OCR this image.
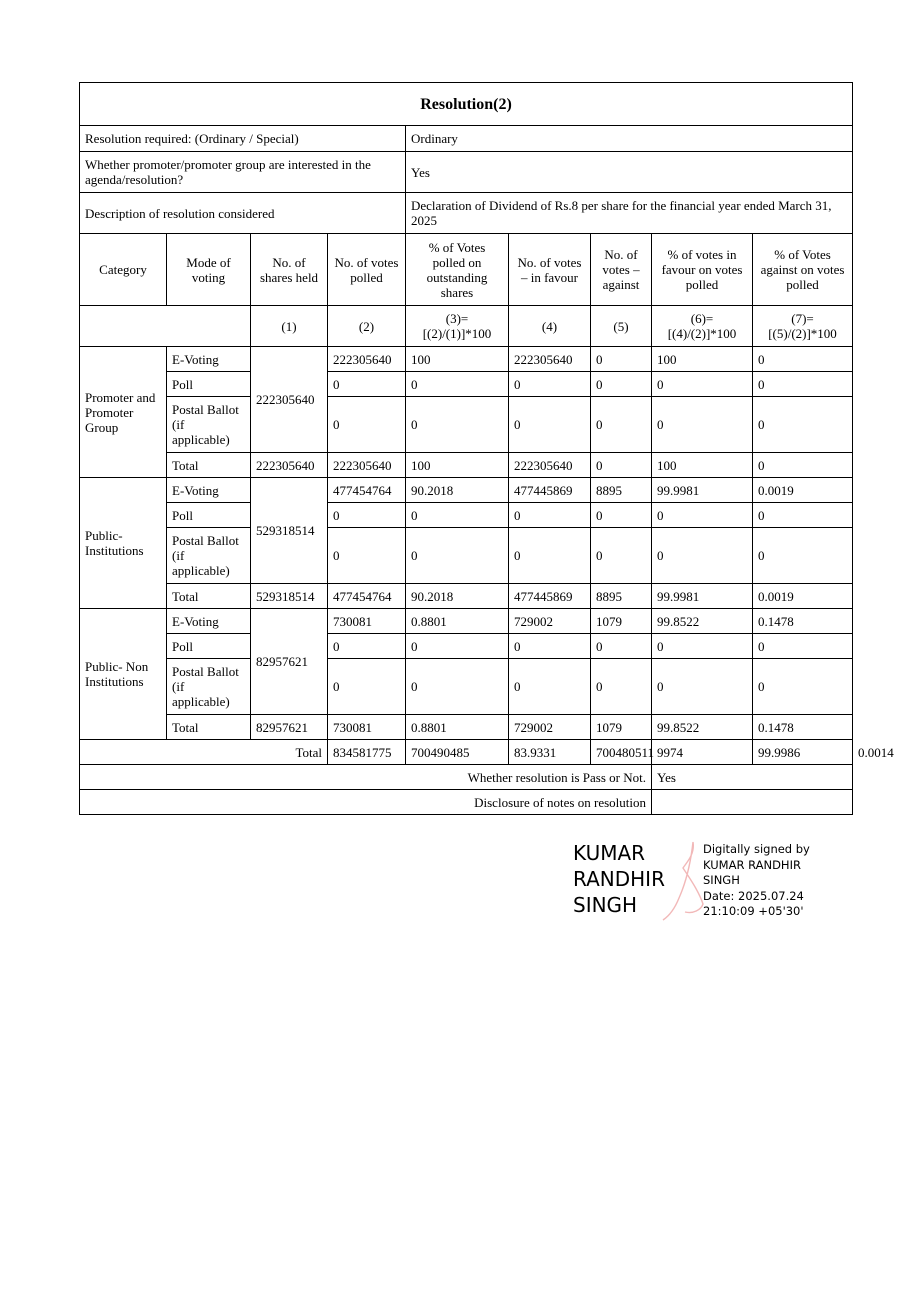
Resolution(2)									
Resolution required: (Ordinary / Special)				Ordinary					
Whether promoter/promoter group are interested in the agenda/resolution?				Yes					
Description of resolution considered				Declaration of Dividend of Rs.8 per share for the financial year ended March 31, 2025					
Category	Mode of voting	No. of shares held	No. of votes polled	% of Votes polled on outstanding shares	No. of votes – in favour	No. of votes – against	% of votes in favour on votes polled	% of Votes against on votes polled	
		(1)	(2)	(3)= [(2)/(1)]*100	(4)	(5)	(6)= [(4)/(2)]*100	(7)= [(5)/(2)]*100	
Promoter and Promoter Group	E-Voting	222305640	222305640	100	222305640	0	100	0	
	Poll		0	0	0	0	0	0	
	Postal Ballot (if applicable)		0	0	0	0	0	0	
	Total	222305640	222305640	100	222305640	0	100	0	
Public- Institutions	E-Voting	529318514	477454764	90.2018	477445869	8895	99.9981	0.0019	
	Poll		0	0	0	0	0	0	
	Postal Ballot (if applicable)		0	0	0	0	0	0	
	Total	529318514	477454764	90.2018	477445869	8895	99.9981	0.0019	
Public- Non Institutions	E-Voting	82957621	730081	0.8801	729002	1079	99.8522	0.1478	
	Poll		0	0	0	0	0	0	
	Postal Ballot (if applicable)		0	0	0	0	0	0	
	Total	82957621	730081	0.8801	729002	1079	99.8522	0.1478	
Total			834581775	700490485	83.9331	700480511	9974	99.9986	0.0014
Whether resolution is Pass or Not.							Yes		
Disclosure of notes on resolution									
KUMAR
RANDHIR
SINGH
Digitally signed by
KUMAR RANDHIR
SINGH
Date: 2025.07.24
21:10:09 +05'30'
